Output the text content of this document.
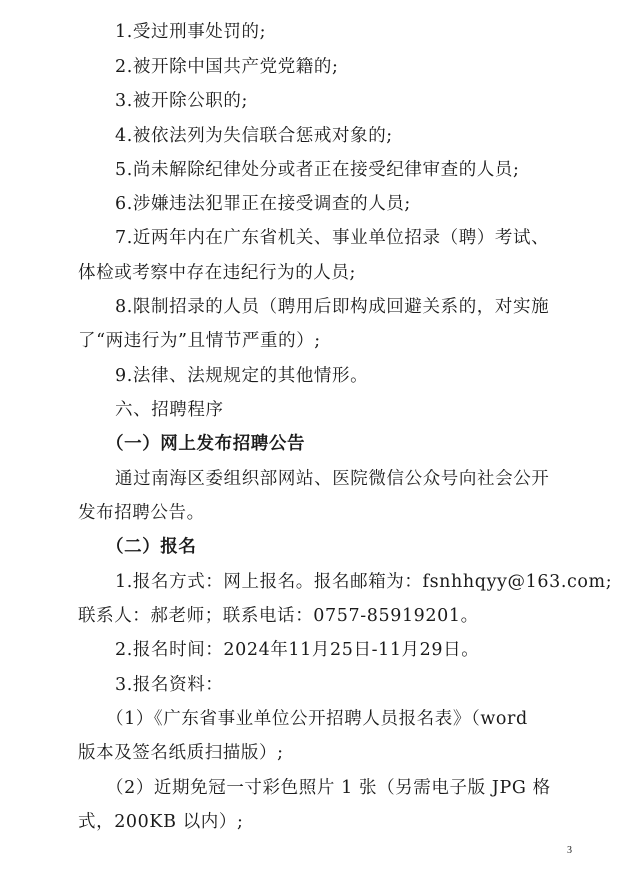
1.受过刑事处罚的;
2.被开除中国共产党党籍的;
3.被开除公职的;
4.被依法列为失信联合惩戒对象的;
5.尚未解除纪律处分或者正在接受纪律审查的人员;
6.涉嫌违法犯罪正在接受调查的人员;
7.近两年内在广东省机关、事业单位招录（聘）考试、
体检或考察中存在违纪行为的人员;
8.限制招录的人员（聘用后即构成回避关系的，对实施
了“两违行为”且情节严重的）;
9.法律、法规规定的其他情形。
六、招聘程序
（一）网上发布招聘公告
通过南海区委组织部网站、医院微信公众号向社会公开
发布招聘公告。
（二）报名
1.报名方式：网上报名。报名邮箱为：fsnhhqyy@163.com;
联系人：郝老师；联系电话：0757-85919201。
2.报名时间：2024年11月25日-11月29日。
3.报名资料：
（1）《广东省事业单位公开招聘人员报名表》（word
版本及签名纸质扫描版）;
（2）近期免冠一寸彩色照片 1 张（另需电子版 JPG 格
式，200KB 以内）;
3
